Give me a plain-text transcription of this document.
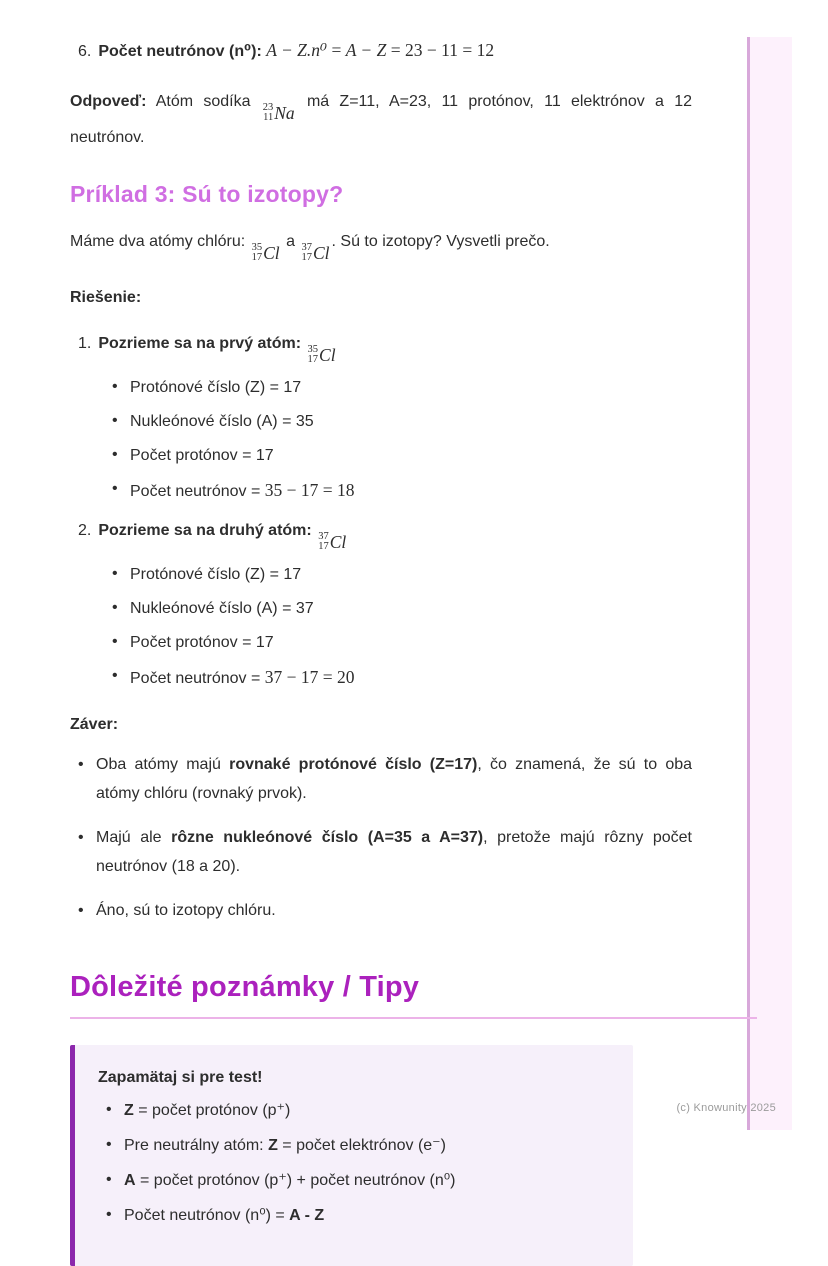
6. Počet neutrónov (n⁰): A − Z.n⁰ = A − Z = 23 − 11 = 12

Odpoveď: Atóm sodíka 23
11 Na
má Z=11, A=23, 11 protónov, 11 elektrónov a 12 neutrónov.

Príklad 3: Sú to izotopy?

Máme dva atómy chlóru: 35
17 Cl
a 37
17 Cl
. Sú to izotopy? Vysvetli prečo.

Riešenie:

1. Pozrieme sa na prvý atóm: 35
17 Cl
• Protónové číslo (Z) = 17
• Nukleónové číslo (A) = 35
• Počet protónov = 17
• Počet neutrónov = 35 − 17 = 18
2. Pozrieme sa na druhý atóm: 37
17 Cl
• Protónové číslo (Z) = 17
• Nukleónové číslo (A) = 37
• Počet protónov = 17
• Počet neutrónov = 37 − 17 = 20

Záver:

• Oba atómy majú rovnaké protónové číslo (Z=17), čo znamená, že sú to oba atómy chlóru (rovnaký prvok).
• Majú ale rôzne nukleónové číslo (A=35 a A=37), pretože majú rôzny počet neutrónov (18 a 20).
• Áno, sú to izotopy chlóru.
Dôležité poznámky / Tipy

Zapamätaj si pre test!

• Z = počet protónov (p⁺)
• Pre neutrálny atóm: Z = počet elektrónov (e⁻)
• A = počet protónov (p⁺) + počet neutrónov (n⁰)
• Počet neutrónov (n⁰) = A - Z
(c) Knowunity 2025
